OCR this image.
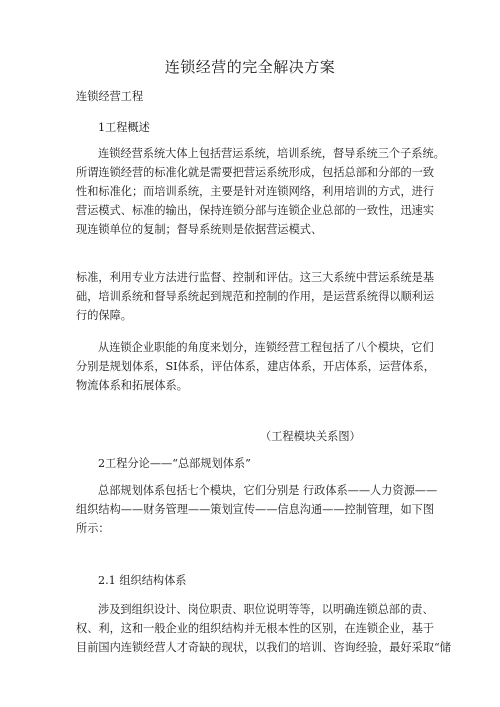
连锁经营的完全解决方案
连锁经营工程
1工程概述
连锁经营系统大体上包括营运系统，培训系统，督导系统三个子系统。
所谓连锁经营的标准化就是需要把营运系统形成，包括总部和分部的一致
性和标准化；而培训系统，主要是针对连锁网络，利用培训的方式，进行
营运模式、标准的输出，保持连锁分部与连锁企业总部的一致性，迅速实
现连锁单位的复制；督导系统则是依据营运模式、
标准，利用专业方法进行监督、控制和评估。这三大系统中营运系统是基
础，培训系统和督导系统起到规范和控制的作用，是运营系统得以顺利运
行的保障。
从连锁企业职能的角度来划分，连锁经营工程包括了八个模块，它们
分别是规划体系，SI体系，评估体系，建店体系，开店体系，运营体系，
物流体系和拓展体系。
（工程模块关系图）
2工程分论——“总部规划体系”
总部规划体系包括七个模块，它们分别是 行政体系——人力资源——
组织结构——财务管理——策划宣传——信息沟通——控制管理，如下图
所示：
2.1 组织结构体系
涉及到组织设计、岗位职责、职位说明等等，以明确连锁总部的责、
权、利，这和一般企业的组织结构并无根本性的区别，在连锁企业，基于
目前国内连锁经营人才奇缺的现状，以我们的培训、咨询经验，最好采取“储
